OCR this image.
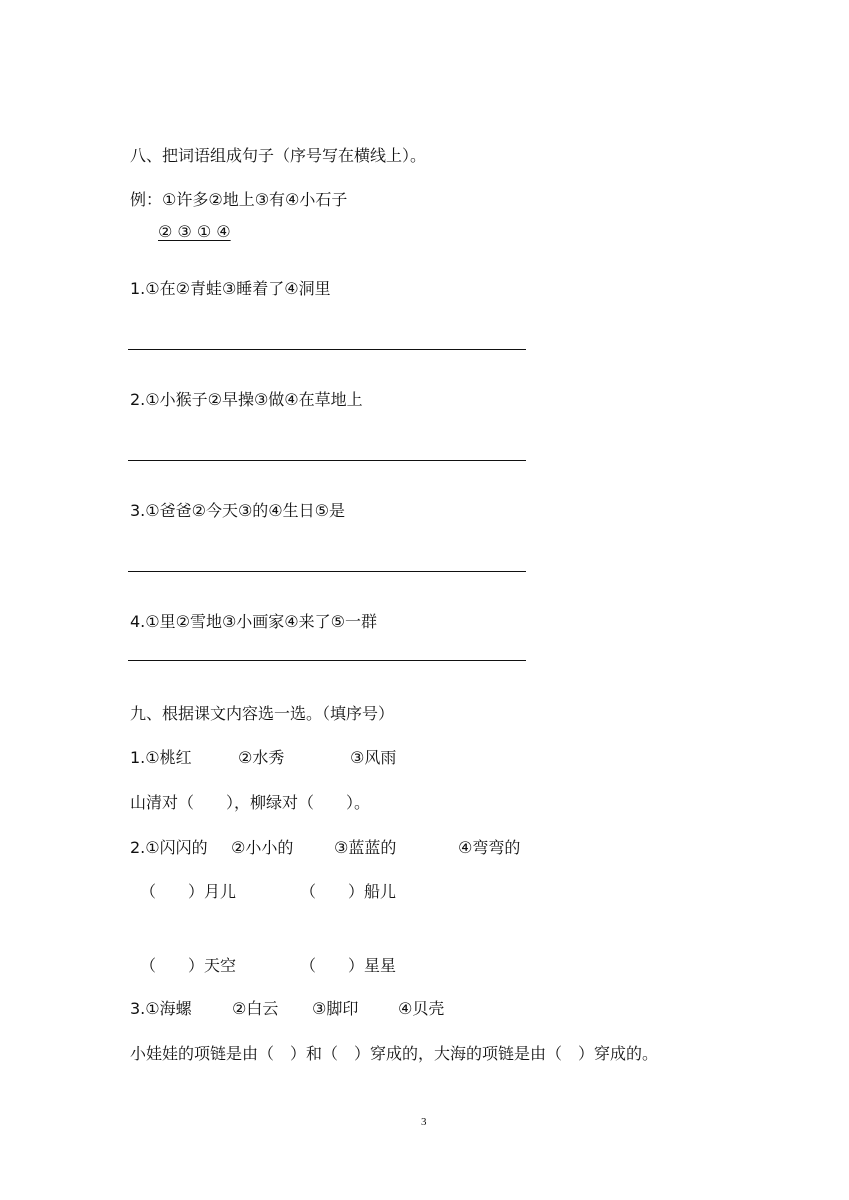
八、把词语组成句子（序号写在横线上）。
例：①许多②地上③有④小石子
② ③ ① ④
1.①在②青蛙③睡着了④洞里
2.①小猴子②早操③做④在草地上
3.①爸爸②今天③的④生日⑤是
4.①里②雪地③小画家④来了⑤一群
九、根据课文内容选一选。（填序号）
1.①桃红	②水秀	③风雨
山清对（　　），柳绿对（　　）。
2.①闪闪的 ②小小的	③蓝蓝的	④弯弯的
（　　）月儿	（　　）船儿
（　　）天空	（　　）星星
3.①海螺	②白云 ③脚印 ④贝壳
小娃娃的项链是由（　）和（　）穿成的，大海的项链是由（　）穿成的。
3
